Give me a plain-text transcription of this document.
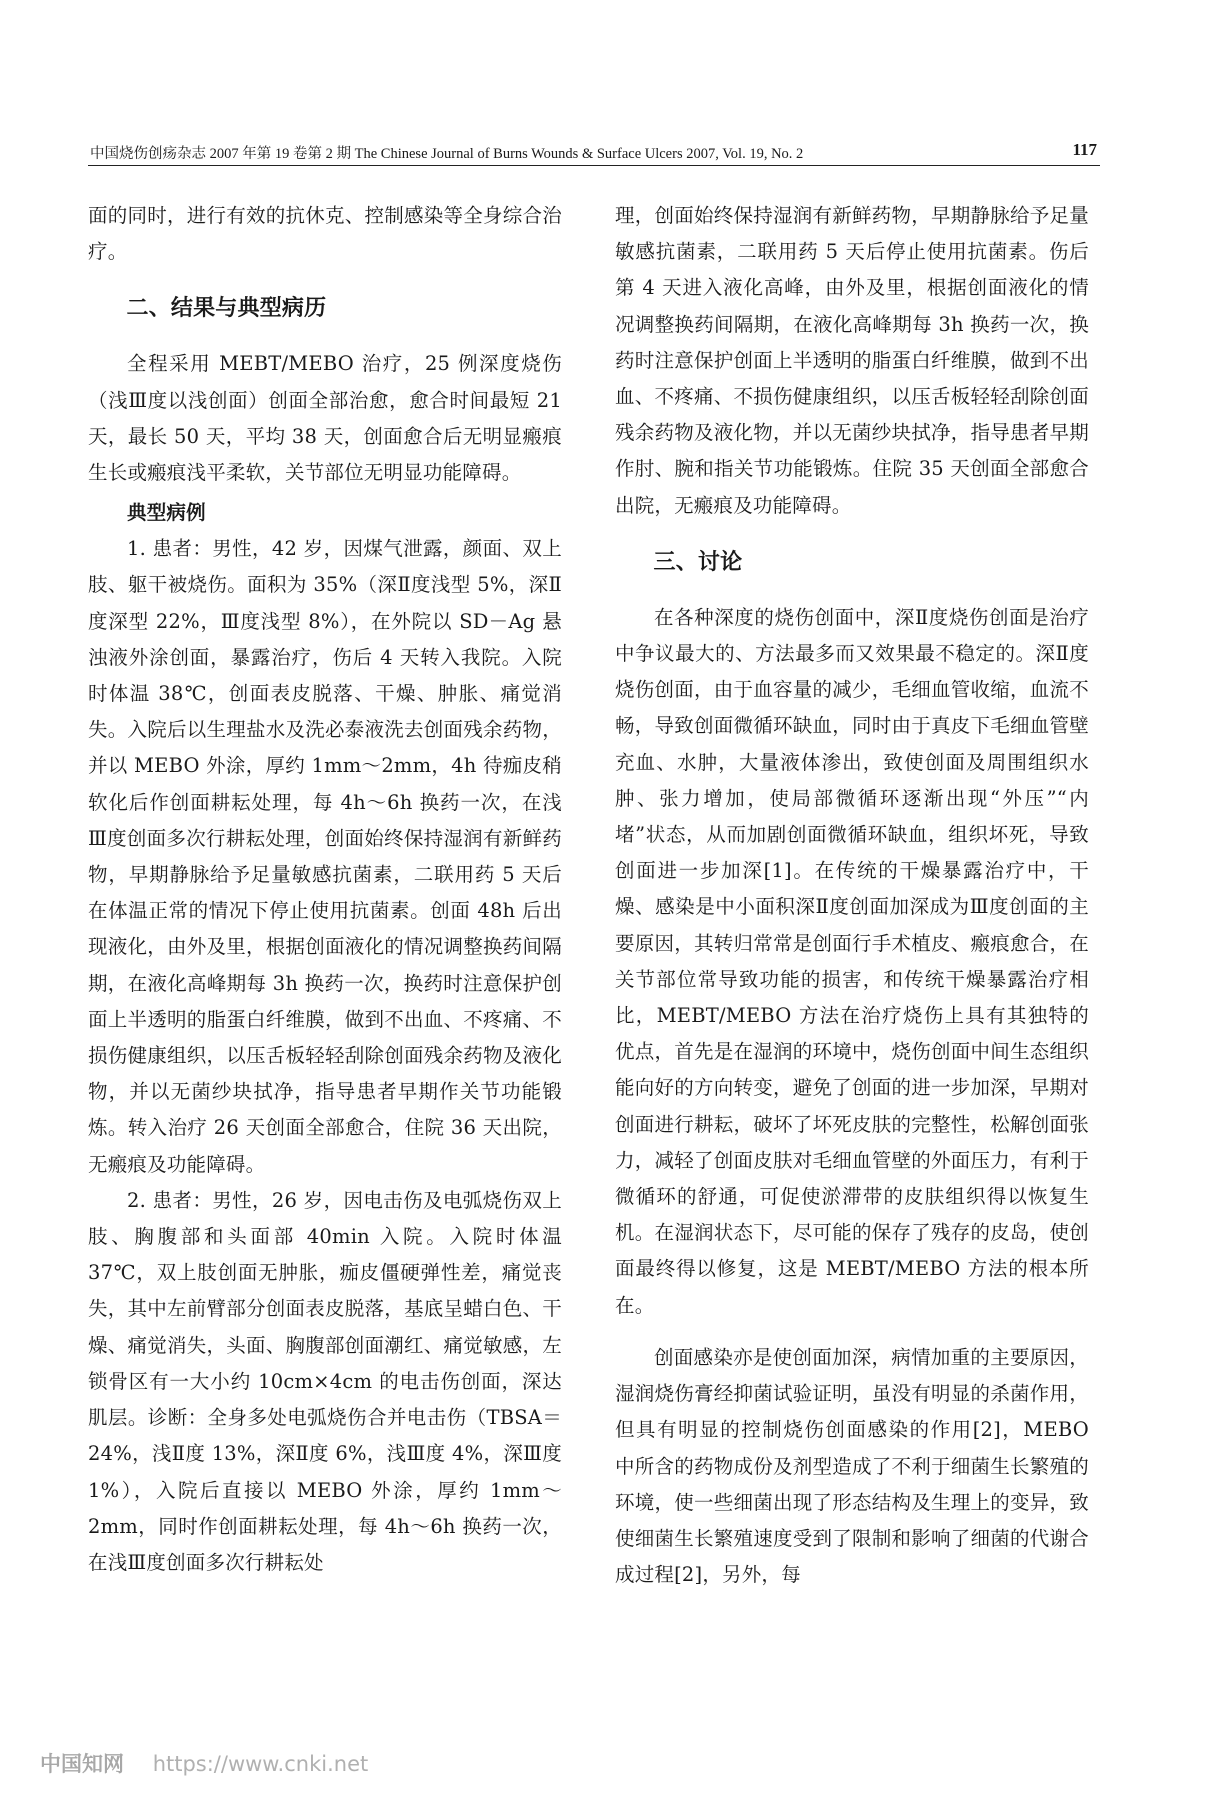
中国烧伤创疡杂志 2007 年第 19 卷第 2 期 The Chinese Journal of Burns Wounds & Surface Ulcers 2007, Vol. 19, No. 2	117

面的同时，进行有效的抗休克、控制感染等全身综合治疗。

二、结果与典型病历

全程采用 MEBT/MEBO 治疗，25 例深度烧伤（浅Ⅲ度以浅创面）创面全部治愈，愈合时间最短 21 天，最长 50 天，平均 38 天，创面愈合后无明显瘢痕生长或瘢痕浅平柔软，关节部位无明显功能障碍。

典型病例

1. 患者：男性，42 岁，因煤气泄露，颜面、双上肢、躯干被烧伤。面积为 35%（深Ⅱ度浅型 5%，深Ⅱ度深型 22%，Ⅲ度浅型 8%），在外院以 SD－Ag 悬浊液外涂创面，暴露治疗，伤后 4 天转入我院。入院时体温 38℃，创面表皮脱落、干燥、肿胀、痛觉消失。入院后以生理盐水及洗必泰液洗去创面残余药物，并以 MEBO 外涂，厚约 1mm～2mm，4h 待痂皮稍软化后作创面耕耘处理，每 4h～6h 换药一次，在浅Ⅲ度创面多次行耕耘处理，创面始终保持湿润有新鲜药物，早期静脉给予足量敏感抗菌素，二联用药 5 天后在体温正常的情况下停止使用抗菌素。创面 48h 后出现液化，由外及里，根据创面液化的情况调整换药间隔期，在液化高峰期每 3h 换药一次，换药时注意保护创面上半透明的脂蛋白纤维膜，做到不出血、不疼痛、不损伤健康组织，以压舌板轻轻刮除创面残余药物及液化物，并以无菌纱块拭净，指导患者早期作关节功能锻炼。转入治疗 26 天创面全部愈合，住院 36 天出院，无瘢痕及功能障碍。

2. 患者：男性，26 岁，因电击伤及电弧烧伤双上肢、胸腹部和头面部 40min 入院。入院时体温 37℃，双上肢创面无肿胀，痂皮僵硬弹性差，痛觉丧失，其中左前臂部分创面表皮脱落，基底呈蜡白色、干燥、痛觉消失，头面、胸腹部创面潮红、痛觉敏感，左锁骨区有一大小约 10cm×4cm 的电击伤创面，深达肌层。诊断：全身多处电弧烧伤合并电击伤（TBSA＝24%，浅Ⅱ度 13%，深Ⅱ度 6%，浅Ⅲ度 4%，深Ⅲ度 1%），入院后直接以 MEBO 外涂，厚约 1mm～2mm，同时作创面耕耘处理，每 4h～6h 换药一次，在浅Ⅲ度创面多次行耕耘处

理，创面始终保持湿润有新鲜药物，早期静脉给予足量敏感抗菌素，二联用药 5 天后停止使用抗菌素。伤后第 4 天进入液化高峰，由外及里，根据创面液化的情况调整换药间隔期，在液化高峰期每 3h 换药一次，换药时注意保护创面上半透明的脂蛋白纤维膜，做到不出血、不疼痛、不损伤健康组织，以压舌板轻轻刮除创面残余药物及液化物，并以无菌纱块拭净，指导患者早期作肘、腕和指关节功能锻炼。住院 35 天创面全部愈合出院，无瘢痕及功能障碍。

三、讨论

在各种深度的烧伤创面中，深Ⅱ度烧伤创面是治疗中争议最大的、方法最多而又效果最不稳定的。深Ⅱ度烧伤创面，由于血容量的减少，毛细血管收缩，血流不畅，导致创面微循环缺血，同时由于真皮下毛细血管壁充血、水肿，大量液体渗出，致使创面及周围组织水肿、张力增加，使局部微循环逐渐出现“外压”“内堵”状态，从而加剧创面微循环缺血，组织坏死，导致创面进一步加深[1]。在传统的干燥暴露治疗中，干燥、感染是中小面积深Ⅱ度创面加深成为Ⅲ度创面的主要原因，其转归常常是创面行手术植皮、瘢痕愈合，在关节部位常导致功能的损害，和传统干燥暴露治疗相比，MEBT/MEBO 方法在治疗烧伤上具有其独特的优点，首先是在湿润的环境中，烧伤创面中间生态组织能向好的方向转变，避免了创面的进一步加深，早期对创面进行耕耘，破坏了坏死皮肤的完整性，松解创面张力，减轻了创面皮肤对毛细血管壁的外面压力，有利于微循环的舒通，可促使淤滞带的皮肤组织得以恢复生机。在湿润状态下，尽可能的保存了残存的皮岛，使创面最终得以修复，这是 MEBT/MEBO 方法的根本所在。

创面感染亦是使创面加深，病情加重的主要原因，湿润烧伤膏经抑菌试验证明，虽没有明显的杀菌作用，但具有明显的控制烧伤创面感染的作用[2]，MEBO 中所含的药物成份及剂型造成了不利于细菌生长繁殖的环境，使一些细菌出现了形态结构及生理上的变异，致使细菌生长繁殖速度受到了限制和影响了细菌的代谢合成过程[2]，另外，每

中国知网 https://www.cnki.net
